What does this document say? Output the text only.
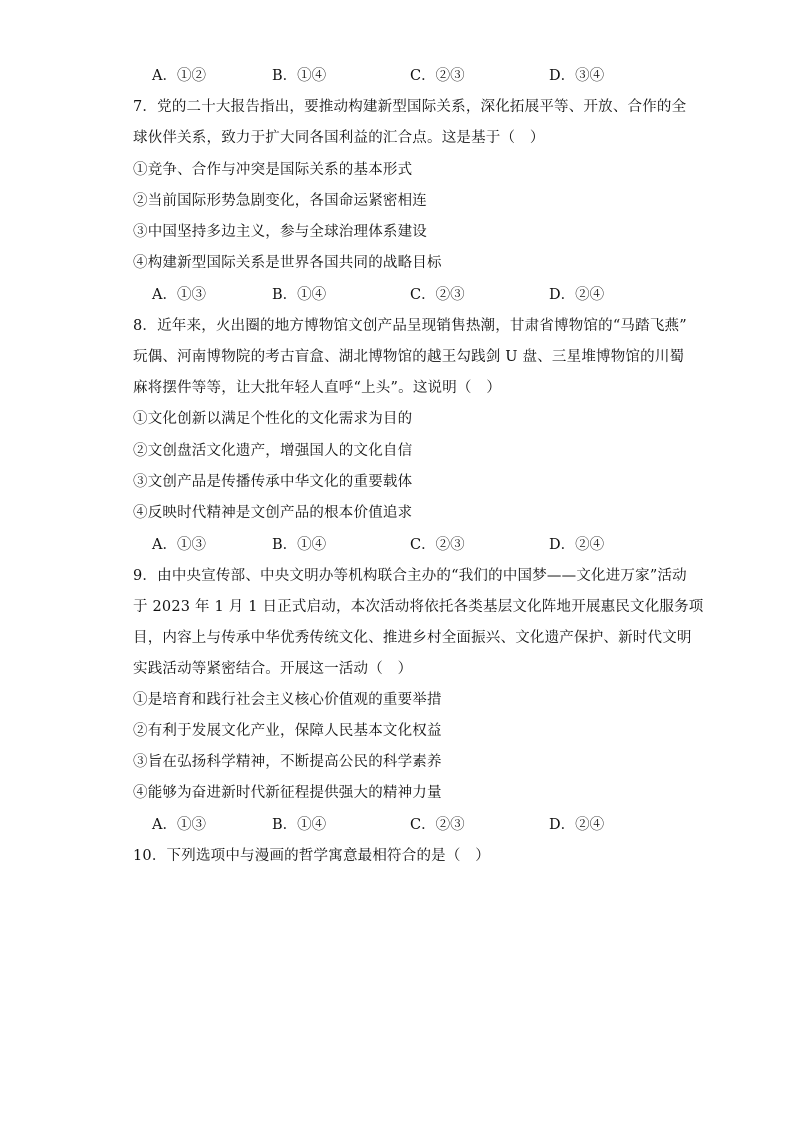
A．①②	B．①④	C．②③	D．③④
7．党的二十大报告指出，要推动构建新型国际关系，深化拓展平等、开放、合作的全
球伙伴关系，致力于扩大同各国利益的汇合点。这是基于（　）
①竞争、合作与冲突是国际关系的基本形式
②当前国际形势急剧变化，各国命运紧密相连
③中国坚持多边主义，参与全球治理体系建设
④构建新型国际关系是世界各国共同的战略目标
A．①③	B．①④	C．②③	D．②④
8．近年来，火出圈的地方博物馆文创产品呈现销售热潮，甘肃省博物馆的“马踏飞燕”
玩偶、河南博物院的考古盲盒、湖北博物馆的越王勾践剑 U 盘、三星堆博物馆的川蜀
麻将摆件等等，让大批年轻人直呼“上头”。这说明（　）
①文化创新以满足个性化的文化需求为目的
②文创盘活文化遗产，增强国人的文化自信
③文创产品是传播传承中华文化的重要载体
④反映时代精神是文创产品的根本价值追求
A．①③	B．①④	C．②③	D．②④
9．由中央宣传部、中央文明办等机构联合主办的“我们的中国梦——文化进万家”活动
于 2023 年 1 月 1 日正式启动，本次活动将依托各类基层文化阵地开展惠民文化服务项
目，内容上与传承中华优秀传统文化、推进乡村全面振兴、文化遗产保护、新时代文明
实践活动等紧密结合。开展这一活动（　）
①是培育和践行社会主义核心价值观的重要举措
②有利于发展文化产业，保障人民基本文化权益
③旨在弘扬科学精神，不断提高公民的科学素养
④能够为奋进新时代新征程提供强大的精神力量
A．①③	B．①④	C．②③	D．②④
10．下列选项中与漫画的哲学寓意最相符合的是（　）
